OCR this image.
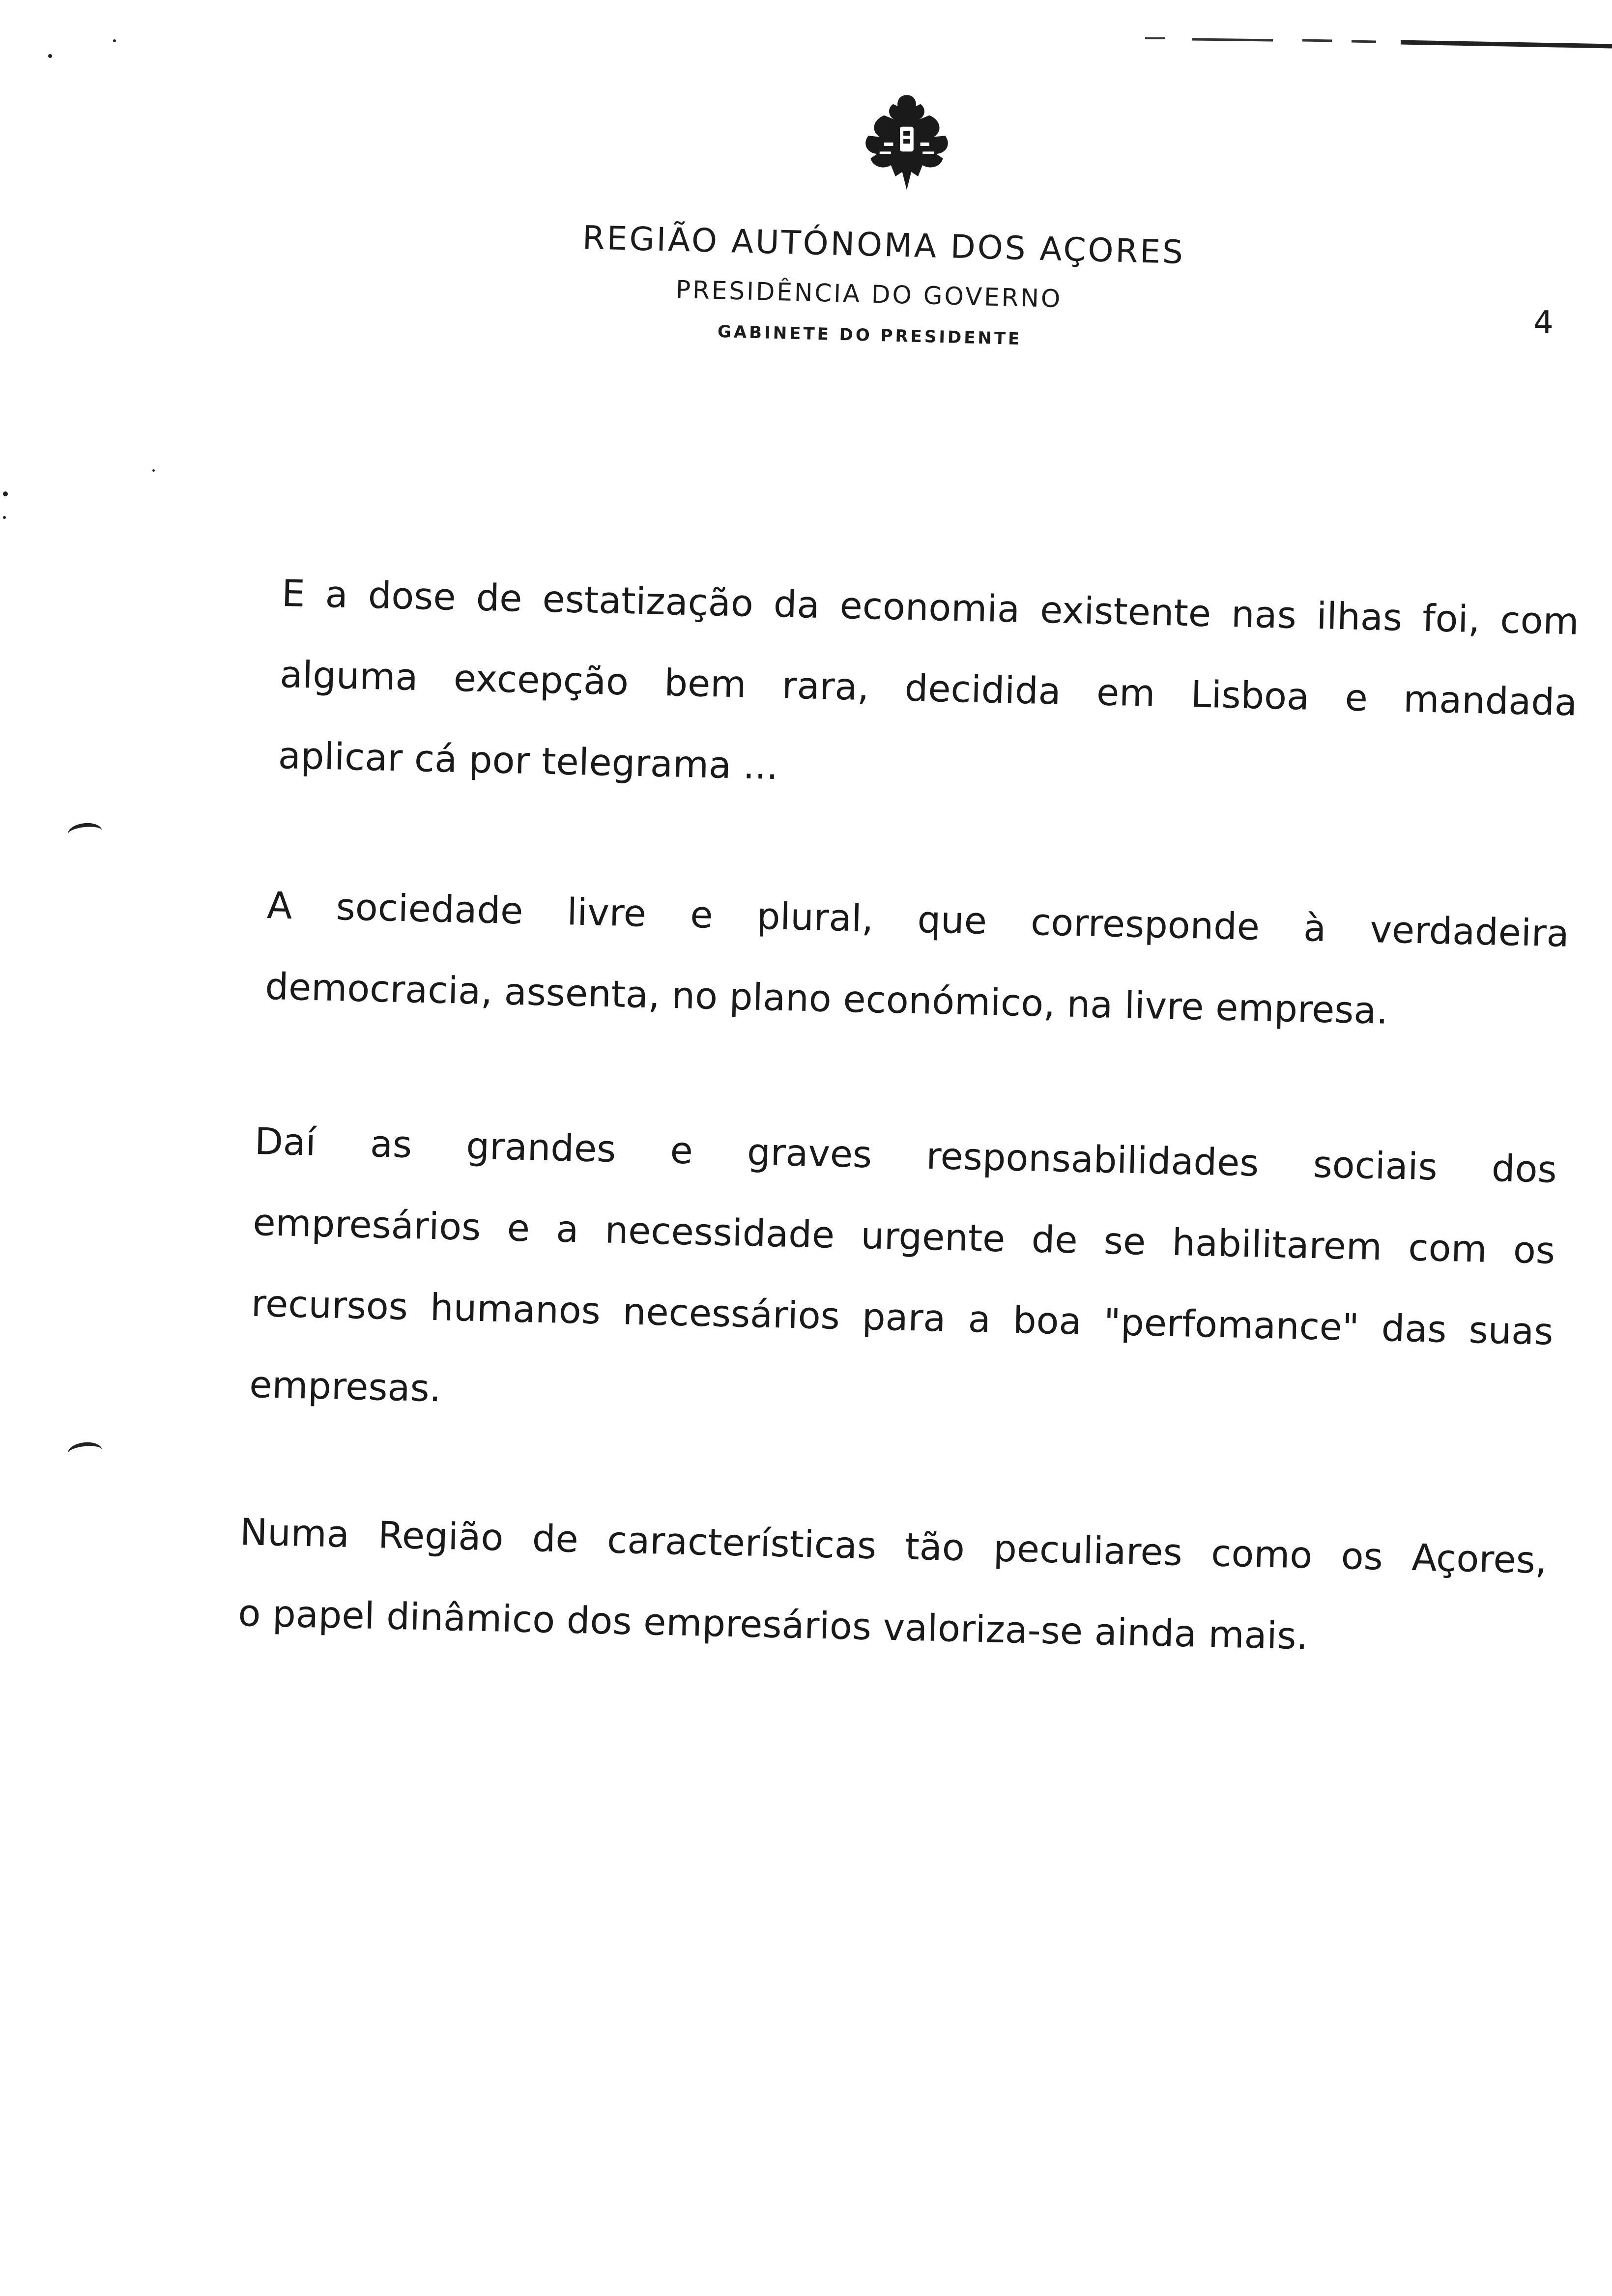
REGIÃO AUTÓNOMA DOS AÇORES
PRESIDÊNCIA DO GOVERNO
GABINETE DO PRESIDENTE	4
E a dose de estatização da economia existente nas ilhas foi, com
alguma excepção bem rara, decidida em Lisboa e mandada
aplicar cá por telegrama ...
A sociedade livre e plural, que corresponde à verdadeira
democracia, assenta, no plano económico, na livre empresa.
Daí as grandes e graves responsabilidades sociais dos
empresários e a necessidade urgente de se habilitarem com os
recursos humanos necessários para a boa "perfomance" das suas
empresas.
Numa Região de características tão peculiares como os Açores,
o papel dinâmico dos empresários valoriza-se ainda mais.
